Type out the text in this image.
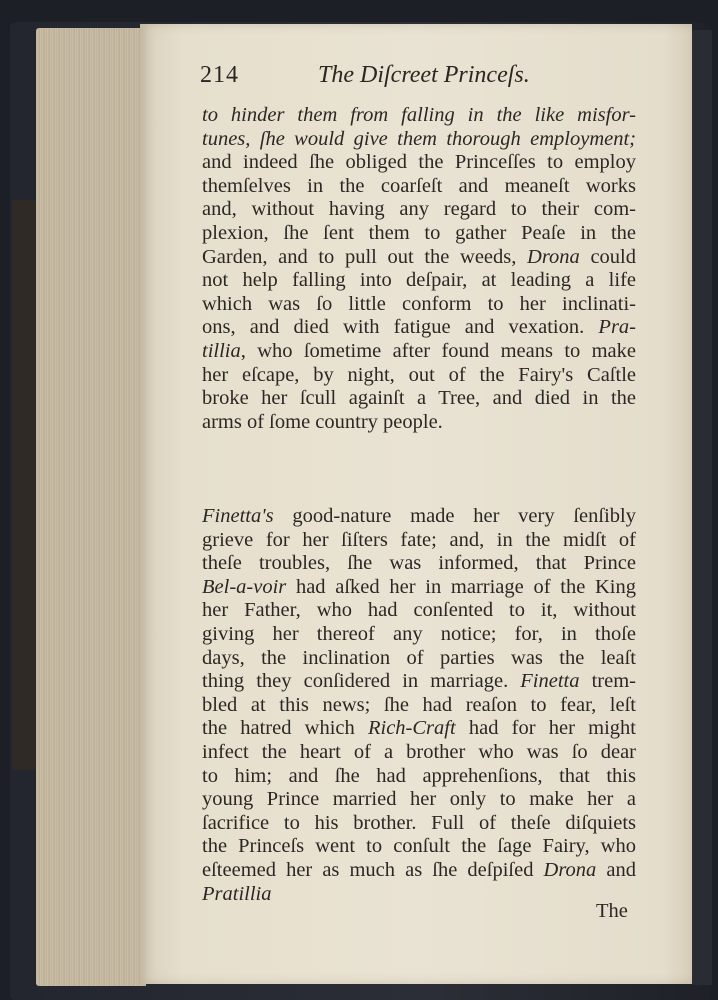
214	The Diſcreet Princeſs.
to hinder them from falling in the like misfor-
tunes, ſhe would give them thorough employment;
and indeed ſhe obliged the Princeſſes to employ
themſelves in the coarſeſt and meaneſt works
and, without having any regard to their com-
plexion, ſhe ſent them to gather Peaſe in the
Garden, and to pull out the weeds, Drona could
not help falling into deſpair, at leading a life
which was ſo little conform to her inclinati-
ons, and died with fatigue and vexation. Pra-
tillia, who ſometime after found means to make
her eſcape, by night, out of the Fairy's Caſtle
broke her ſcull againſt a Tree, and died in the
arms of ſome country people.
Finetta's good-nature made her very ſenſibly
grieve for her ſiſters fate; and, in the midſt of
theſe troubles, ſhe was informed, that Prince
Bel-a-voir had aſked her in marriage of the King
her Father, who had conſented to it, without
giving her thereof any notice; for, in thoſe
days, the inclination of parties was the leaſt
thing they conſidered in marriage. Finetta trem-
bled at this news; ſhe had reaſon to fear, leſt
the hatred which Rich-Craft had for her might
infect the heart of a brother who was ſo dear
to him; and ſhe had apprehenſions, that this
young Prince married her only to make her a
ſacrifice to his brother. Full of theſe diſquiets
the Princeſs went to conſult the ſage Fairy, who
eſteemed her as much as ſhe deſpiſed Drona and
Pratillia
The
